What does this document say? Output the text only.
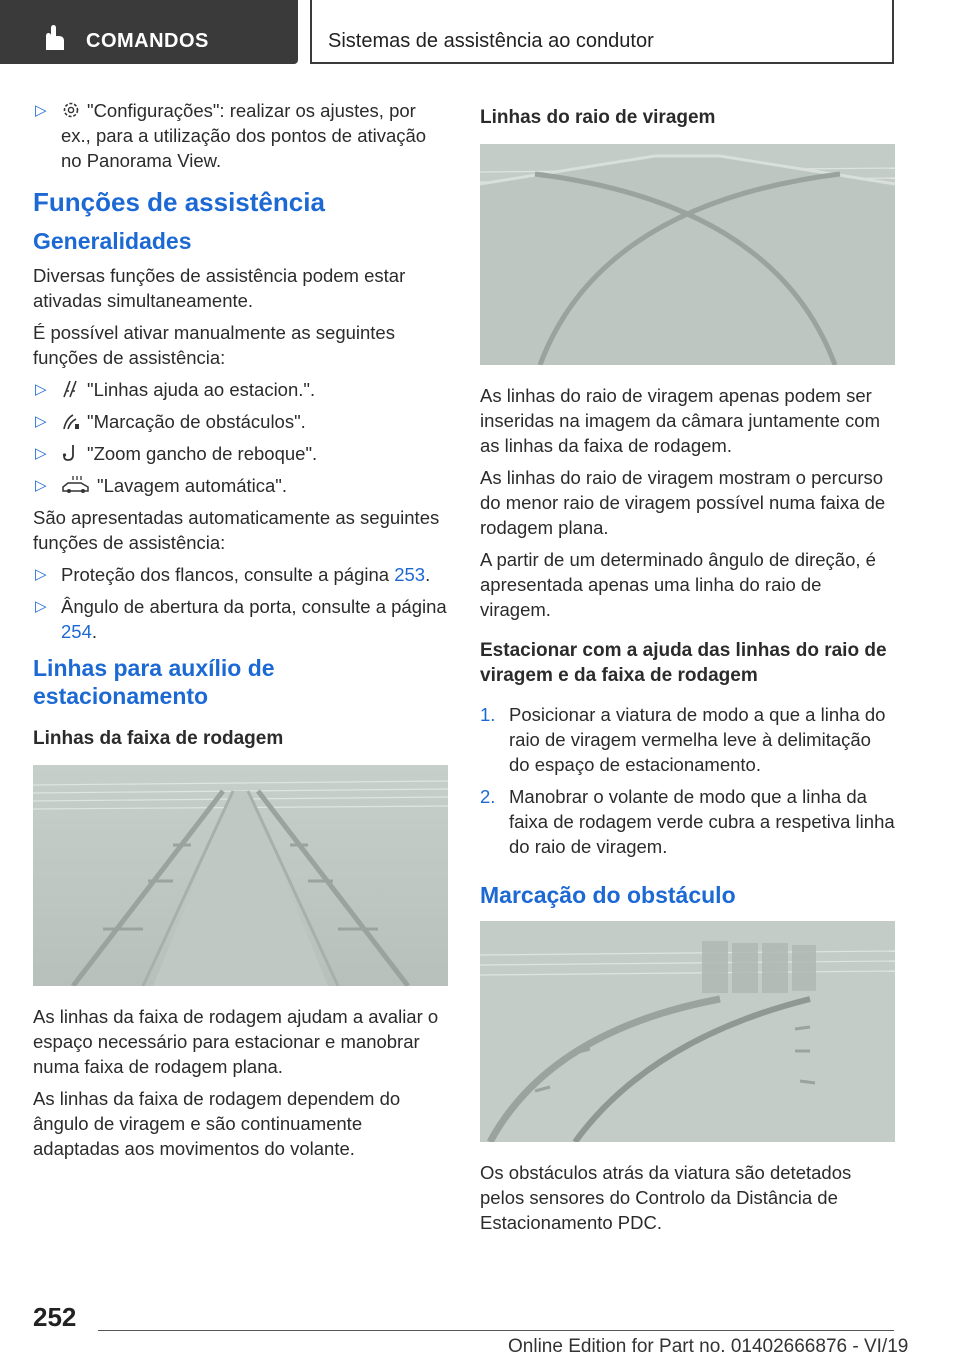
COMANDOS	Sistemas de assistência ao condutor

▷ "Configurações": realizar os ajustes, por ex., para a utilização dos pontos de ativação no Panorama View.

Funções de assistência
Generalidades

Diversas funções de assistência podem estar ativadas simultaneamente.

É possível ativar manualmente as seguintes funções de assistência:

▷ "Linhas ajuda ao estacion.".

▷ "Marcação de obstáculos".

▷ "Zoom gancho de reboque".

▷ "Lavagem automática".

São apresentadas automaticamente as seguintes funções de assistência:

▷ Proteção dos flancos, consulte a página 253.

▷ Ângulo de abertura da porta, consulte a página 254.

Linhas para auxílio de estacionamento
Linhas da faixa de rodagem

As linhas da faixa de rodagem ajudam a avaliar o espaço necessário para estacionar e manobrar numa faixa de rodagem plana.

As linhas da faixa de rodagem dependem do ângulo de viragem e são continuamente adaptadas aos movimentos do volante.

Linhas do raio de viragem

As linhas do raio de viragem apenas podem ser inseridas na imagem da câmara juntamente com as linhas da faixa de rodagem.

As linhas do raio de viragem mostram o percurso do menor raio de viragem possível numa faixa de rodagem plana.

A partir de um determinado ângulo de direção, é apresentada apenas uma linha do raio de viragem.

Estacionar com a ajuda das linhas do raio de viragem e da faixa de rodagem

1. Posicionar a viatura de modo a que a linha do raio de viragem vermelha leve à delimitação do espaço de estacionamento.

2. Manobrar o volante de modo que a linha da faixa de rodagem verde cubra a respetiva linha do raio de viragem.

Marcação do obstáculo

Os obstáculos atrás da viatura são detetados pelos sensores do Controlo da Distância de Estacionamento PDC.

252
Online Edition for Part no. 01402666876 - VI/19
